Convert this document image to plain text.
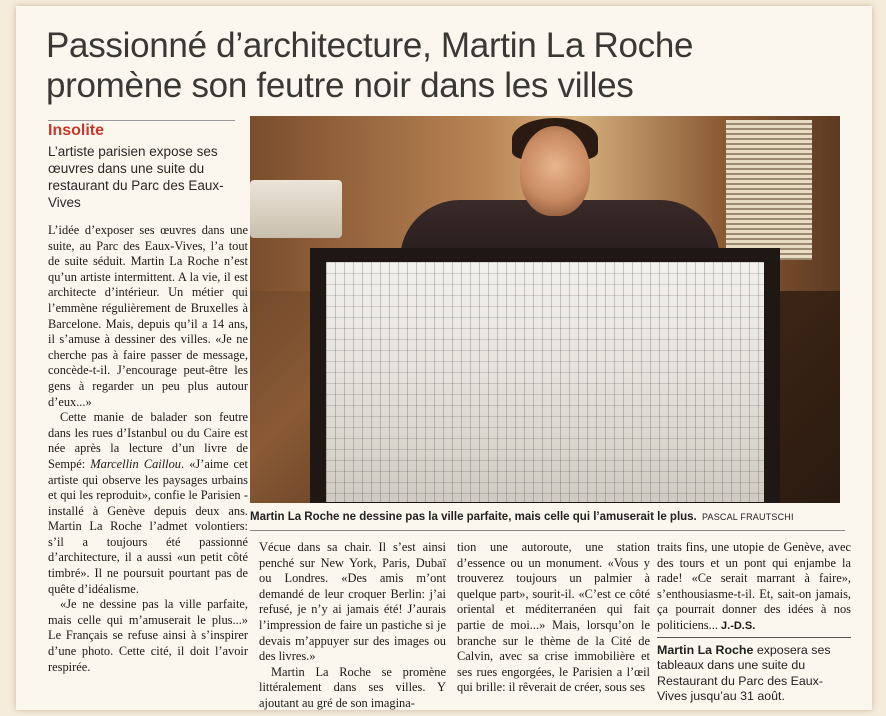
Passionné d’architecture, Martin La Roche
promène son feutre noir dans les villes
Insolite
L’artiste parisien expose ses œuvres dans une suite du restaurant du Parc des Eaux-Vives

L’idée d’exposer ses œuvres dans une suite, au Parc des Eaux-Vives, l’a tout de suite séduit. Martin La Roche n’est qu’un artiste intermittent. A la vie, il est architecte d’intérieur. Un métier qui l’emmène régulièrement de Bruxelles à Barcelone. Mais, depuis qu’il a 14 ans, il s’amuse à dessiner des villes. «Je ne cherche pas à faire passer de message, concède-t-il. J’encourage peut-être les gens à regarder un peu plus autour d’eux...»

Cette manie de balader son feutre dans les rues d’Istanbul ou du Caire est née après la lecture d’un livre de Sempé: Marcellin Caillou. «J’aime cet artiste qui observe les paysages urbains et qui les reproduit», confie le Parisien - installé à Genève depuis deux ans. Martin La Roche l’admet volontiers: s’il a toujours été passionné d’architecture, il a aussi «un petit côté timbré». Il ne poursuit pourtant pas de quête d’idéalisme.

«Je ne dessine pas la ville parfaite, mais celle qui m’amuserait le plus...» Le Français se refuse ainsi à s’inspirer d’une photo. Cette cité, il doit l’avoir respirée.

Martin La Roche ne dessine pas la ville parfaite, mais celle qui l’amuserait le plus. PASCAL FRAUTSCHI

Vécue dans sa chair. Il s’est ainsi penché sur New York, Paris, Dubaï ou Londres. «Des amis m’ont demandé de leur croquer Berlin: j’ai refusé, je n’y ai jamais été! J’aurais l’impression de faire un pastiche si je devais m’appuyer sur des images ou des livres.»

Martin La Roche se promène littéralement dans ses villes. Y ajoutant au gré de son imagina-

tion une autoroute, une station d’essence ou un monument. «Vous y trouverez toujours un palmier à quelque part», sourit-il. «C’est ce côté oriental et méditerranéen qui fait partie de moi...» Mais, lorsqu’on le branche sur le thème de la Cité de Calvin, avec sa crise immobilière et ses rues engorgées, le Parisien a l’œil qui brille: il rêverait de créer, sous ses

traits fins, une utopie de Genève, avec des tours et un pont qui enjambe la rade! «Ce serait marrant à faire», s’enthousiasme-t-il. Et, sait-on jamais, ça pourrait donner des idées à nos politiciens... J.-D.S.

Martin La Roche exposera ses tableaux dans une suite du Restaurant du Parc des Eaux-Vives jusqu’au 31 août.
